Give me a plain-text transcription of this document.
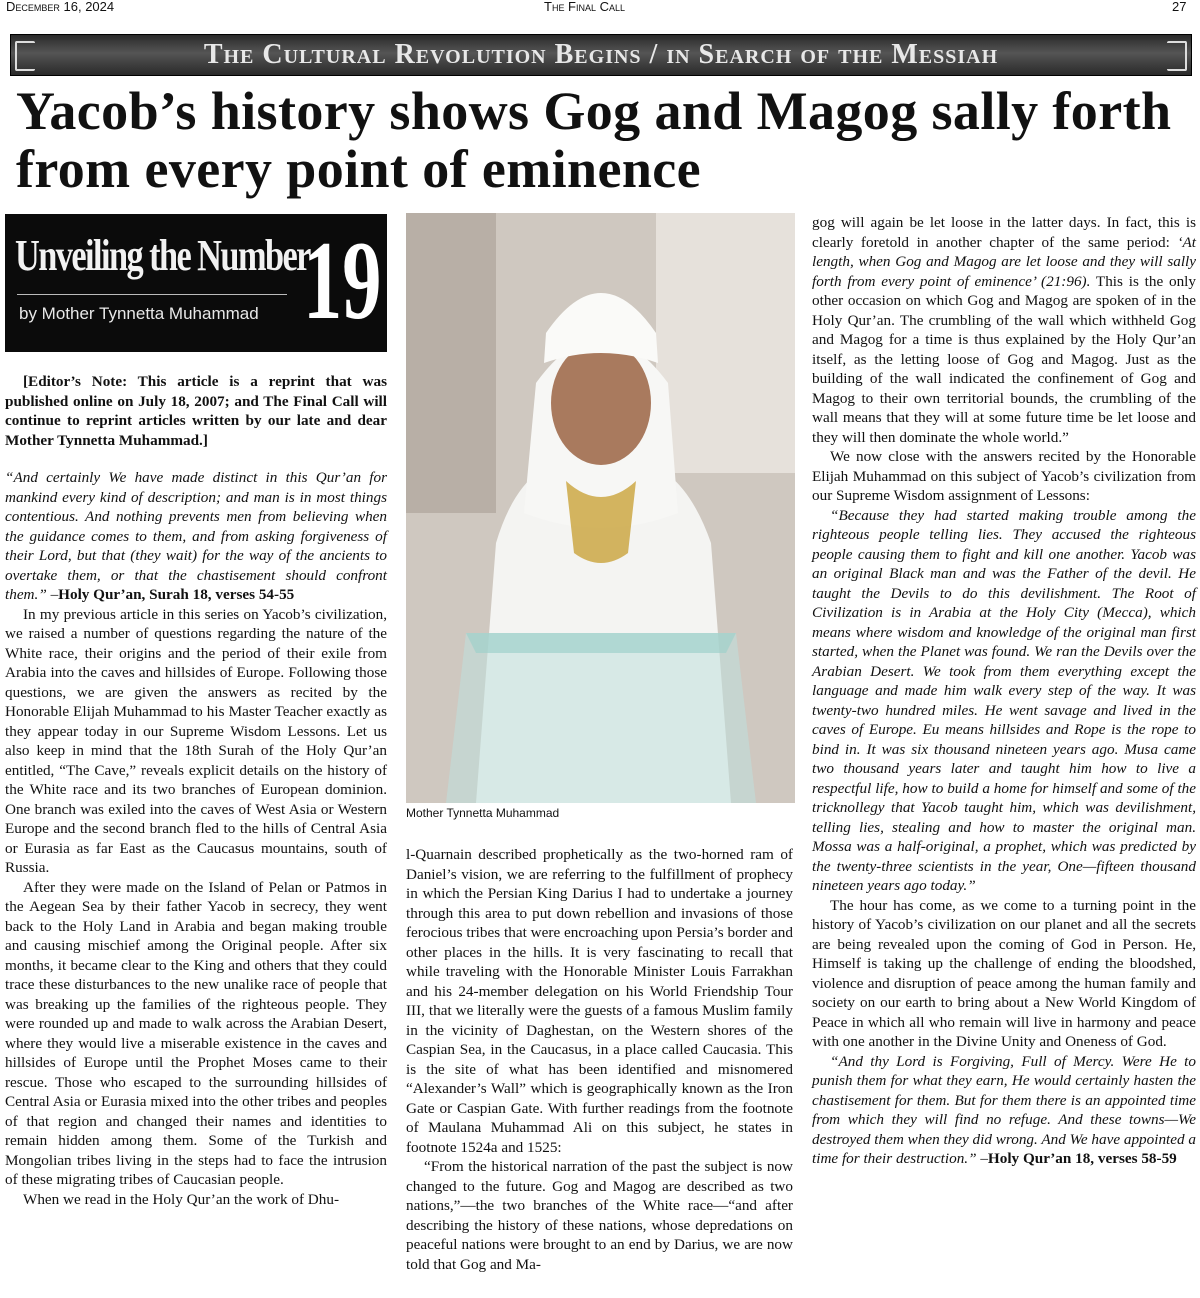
December 16, 2024	The Final Call	27
The Cultural Revolution Begins / in Search of the Messiah
Yacob’s history shows Gog and Magog sally forth from every point of eminence
Unveiling the Number
by Mother Tynnetta Muhammad 19

[Editor’s Note: This article is a reprint that was published online on July 18, 2007; and The Final Call will continue to reprint articles written by our late and dear Mother Tynnetta Muhammad.]

“And certainly We have made distinct in this Qur’an for mankind every kind of description; and man is in most things contentious. And nothing prevents men from believing when the guidance comes to them, and from asking forgiveness of their Lord, but that (they wait) for the way of the ancients to overtake them, or that the chastisement should confront them.” –Holy Qur’an, Surah 18, verses 54-55

In my previous article in this series on Yacob’s civilization, we raised a number of questions regarding the nature of the White race, their origins and the period of their exile from Arabia into the caves and hillsides of Europe. Following those questions, we are given the answers as recited by the Honorable Elijah Muhammad to his Master Teacher exactly as they appear today in our Supreme Wisdom Lessons. Let us also keep in mind that the 18th Surah of the Holy Qur’an entitled, “The Cave,” reveals explicit details on the history of the White race and its two branches of European dominion. One branch was exiled into the caves of West Asia or Western Europe and the second branch fled to the hills of Central Asia or Eurasia as far East as the Caucasus mountains, south of Russia.

After they were made on the Island of Pelan or Patmos in the Aegean Sea by their father Yacob in secrecy, they went back to the Holy Land in Arabia and began making trouble and causing mischief among the Original people. After six months, it became clear to the King and others that they could trace these disturbances to the new unalike race of people that was breaking up the families of the righteous people. They were rounded up and made to walk across the Arabian Desert, where they would live a miserable existence in the caves and hillsides of Europe until the Prophet Moses came to their rescue. Those who escaped to the surrounding hillsides of Central Asia or Eurasia mixed into the other tribes and peoples of that region and changed their names and identities to remain hidden among them. Some of the Turkish and Mongolian tribes living in the steps had to face the intrusion of these migrating tribes of Caucasian people.

When we read in the Holy Qur’an the work of Dhu-

Mother Tynnetta Muhammad

l-Quarnain described prophetically as the two-horned ram of Daniel’s vision, we are referring to the fulfillment of prophecy in which the Persian King Darius I had to undertake a journey through this area to put down rebellion and invasions of those ferocious tribes that were encroaching upon Persia’s border and other places in the hills. It is very fascinating to recall that while traveling with the Honorable Minister Louis Farrakhan and his 24-member delegation on his World Friendship Tour III, that we literally were the guests of a famous Muslim family in the vicinity of Daghestan, on the Western shores of the Caspian Sea, in the Caucasus, in a place called Caucasia. This is the site of what has been identified and misnomered “Alexander’s Wall” which is geographically known as the Iron Gate or Caspian Gate. With further readings from the footnote of Maulana Muhammad Ali on this subject, he states in footnote 1524a and 1525:

“From the historical narration of the past the subject is now changed to the future. Gog and Magog are described as two nations,”—the two branches of the White race—“and after describing the history of these nations, whose depredations on peaceful nations were brought to an end by Darius, we are now told that Gog and Ma-

gog will again be let loose in the latter days. In fact, this is clearly foretold in another chapter of the same period: ‘At length, when Gog and Magog are let loose and they will sally forth from every point of eminence’ (21:96). This is the only other occasion on which Gog and Magog are spoken of in the Holy Qur’an. The crumbling of the wall which withheld Gog and Magog for a time is thus explained by the Holy Qur’an itself, as the letting loose of Gog and Magog. Just as the building of the wall indicated the confinement of Gog and Magog to their own territorial bounds, the crumbling of the wall means that they will at some future time be let loose and they will then dominate the whole world.”

We now close with the answers recited by the Honorable Elijah Muhammad on this subject of Yacob’s civilization from our Supreme Wisdom assignment of Lessons:

“Because they had started making trouble among the righteous people telling lies. They accused the righteous people causing them to fight and kill one another. Yacob was an original Black man and was the Father of the devil. He taught the Devils to do this devilishment. The Root of Civilization is in Arabia at the Holy City (Mecca), which means where wisdom and knowledge of the original man first started, when the Planet was found. We ran the Devils over the Arabian Desert. We took from them everything except the language and made him walk every step of the way. It was twenty-two hundred miles. He went savage and lived in the caves of Europe. Eu means hillsides and Rope is the rope to bind in. It was six thousand nineteen years ago. Musa came two thousand years later and taught him how to live a respectful life, how to build a home for himself and some of the tricknollegy that Yacob taught him, which was devilishment, telling lies, stealing and how to master the original man. Mossa was a half-original, a prophet, which was predicted by the twenty-three scientists in the year, One—fifteen thousand nineteen years ago today.”

The hour has come, as we come to a turning point in the history of Yacob’s civilization on our planet and all the secrets are being revealed upon the coming of God in Person. He, Himself is taking up the challenge of ending the bloodshed, violence and disruption of peace among the human family and society on our earth to bring about a New World Kingdom of Peace in which all who remain will live in harmony and peace with one another in the Divine Unity and Oneness of God.

“And thy Lord is Forgiving, Full of Mercy. Were He to punish them for what they earn, He would certainly hasten the chastisement for them. But for them there is an appointed time from which they will find no refuge. And these towns—We destroyed them when they did wrong. And We have appointed a time for their destruction.” –Holy Qur’an 18, verses 58-59
